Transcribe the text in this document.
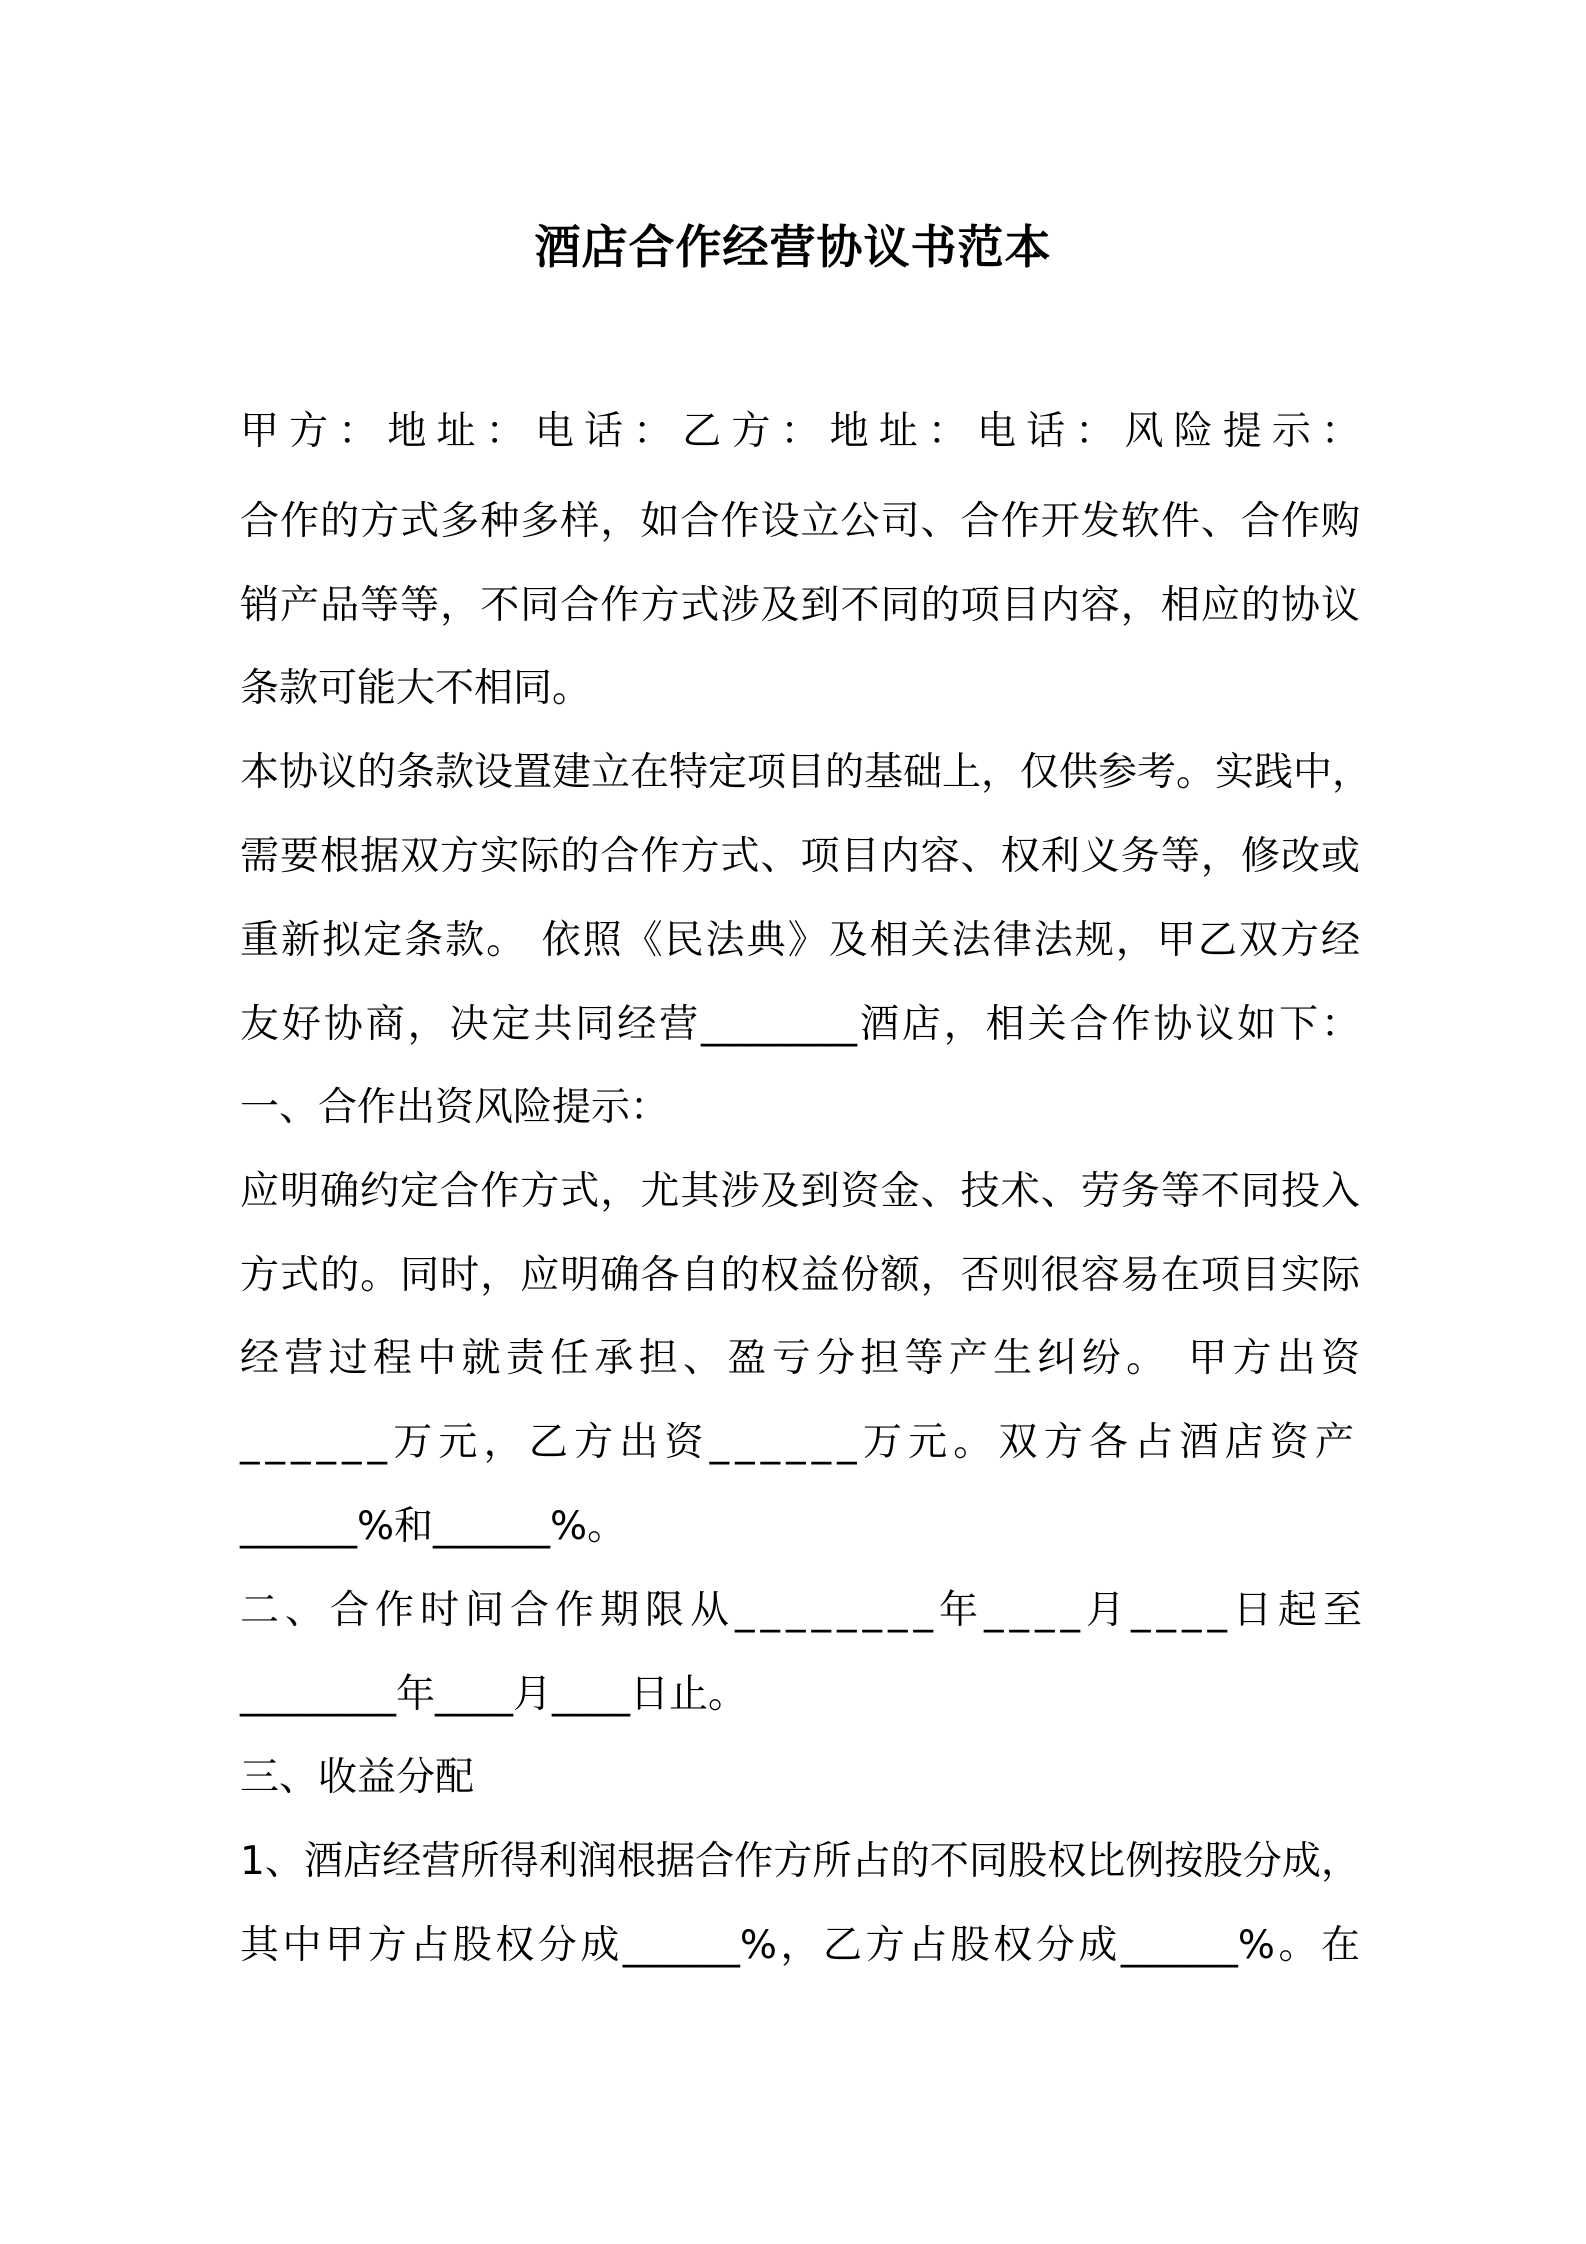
酒店合作经营协议书范本
甲方：地址：电话：乙方：地址：电话：风险提示：
合作的方式多种多样，如合作设立公司、合作开发软件、合作购
销产品等等，不同合作方式涉及到不同的项目内容，相应的协议
条款可能大不相同。
本协议的条款设置建立在特定项目的基础上，仅供参考。实践中，
需要根据双方实际的合作方式、项目内容、权利义务等，修改或
重新拟定条款。 依照《民法典》及相关法律法规，甲乙双方经
友好协商，决定共同经营________酒店，相关合作协议如下：
一、合作出资风险提示：
应明确约定合作方式，尤其涉及到资金、技术、劳务等不同投入
方式的。同时，应明确各自的权益份额，否则很容易在项目实际
经营过程中就责任承担、盈亏分担等产生纠纷。 甲方出资
______万元，乙方出资______万元。双方各占酒店资产
______%和______%。
二、合作时间合作期限从________年____月____日起至
________年____月____日止。
三、收益分配
1、酒店经营所得利润根据合作方所占的不同股权比例按股分成，
其中甲方占股权分成______%，乙方占股权分成______%。在
